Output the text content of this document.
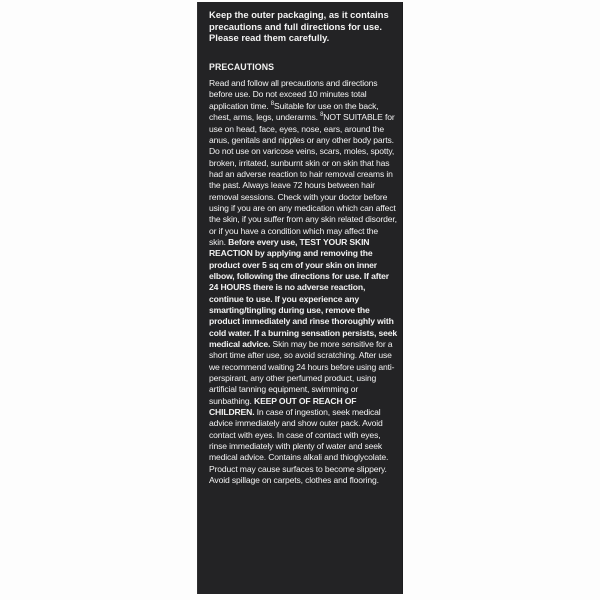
Keep the outer packaging, as it contains precautions and full directions for use. Please read them carefully.

PRECAUTIONS

Read and follow all precautions and directions before use. Do not exceed 10 minutes total application time. $^8$Suitable for use on the back, chest, arms, legs, underarms. $^8$NOT SUITABLE for use on head, face, eyes, nose, ears, around the anus, genitals and nipples or any other body parts. Do not use on varicose veins, scars, moles, spotty, broken, irritated, sunburnt skin or on skin that has had an adverse reaction to hair removal creams in the past. Always leave 72 hours between hair removal sessions. Check with your doctor before using if you are on any medication which can affect the skin, if you suffer from any skin related disorder, or if you have a condition which may affect the skin. Before every use, TEST YOUR SKIN REACTION by applying and removing the product over 5 sq cm of your skin on inner elbow, following the directions for use. If after 24 HOURS there is no adverse reaction, continue to use. If you experience any smarting/tingling during use, remove the product immediately and rinse thoroughly with cold water. If a burning sensation persists, seek medical advice. Skin may be more sensitive for a short time after use, so avoid scratching. After use we recommend waiting 24 hours before using anti-perspirant, any other perfumed product, using artificial tanning equipment, swimming or sunbathing. KEEP OUT OF REACH OF CHILDREN. In case of ingestion, seek medical advice immediately and show outer pack. Avoid contact with eyes. In case of contact with eyes, rinse immediately with plenty of water and seek medical advice. Contains alkali and thioglycolate. Product may cause surfaces to become slippery. Avoid spillage on carpets, clothes and flooring.
